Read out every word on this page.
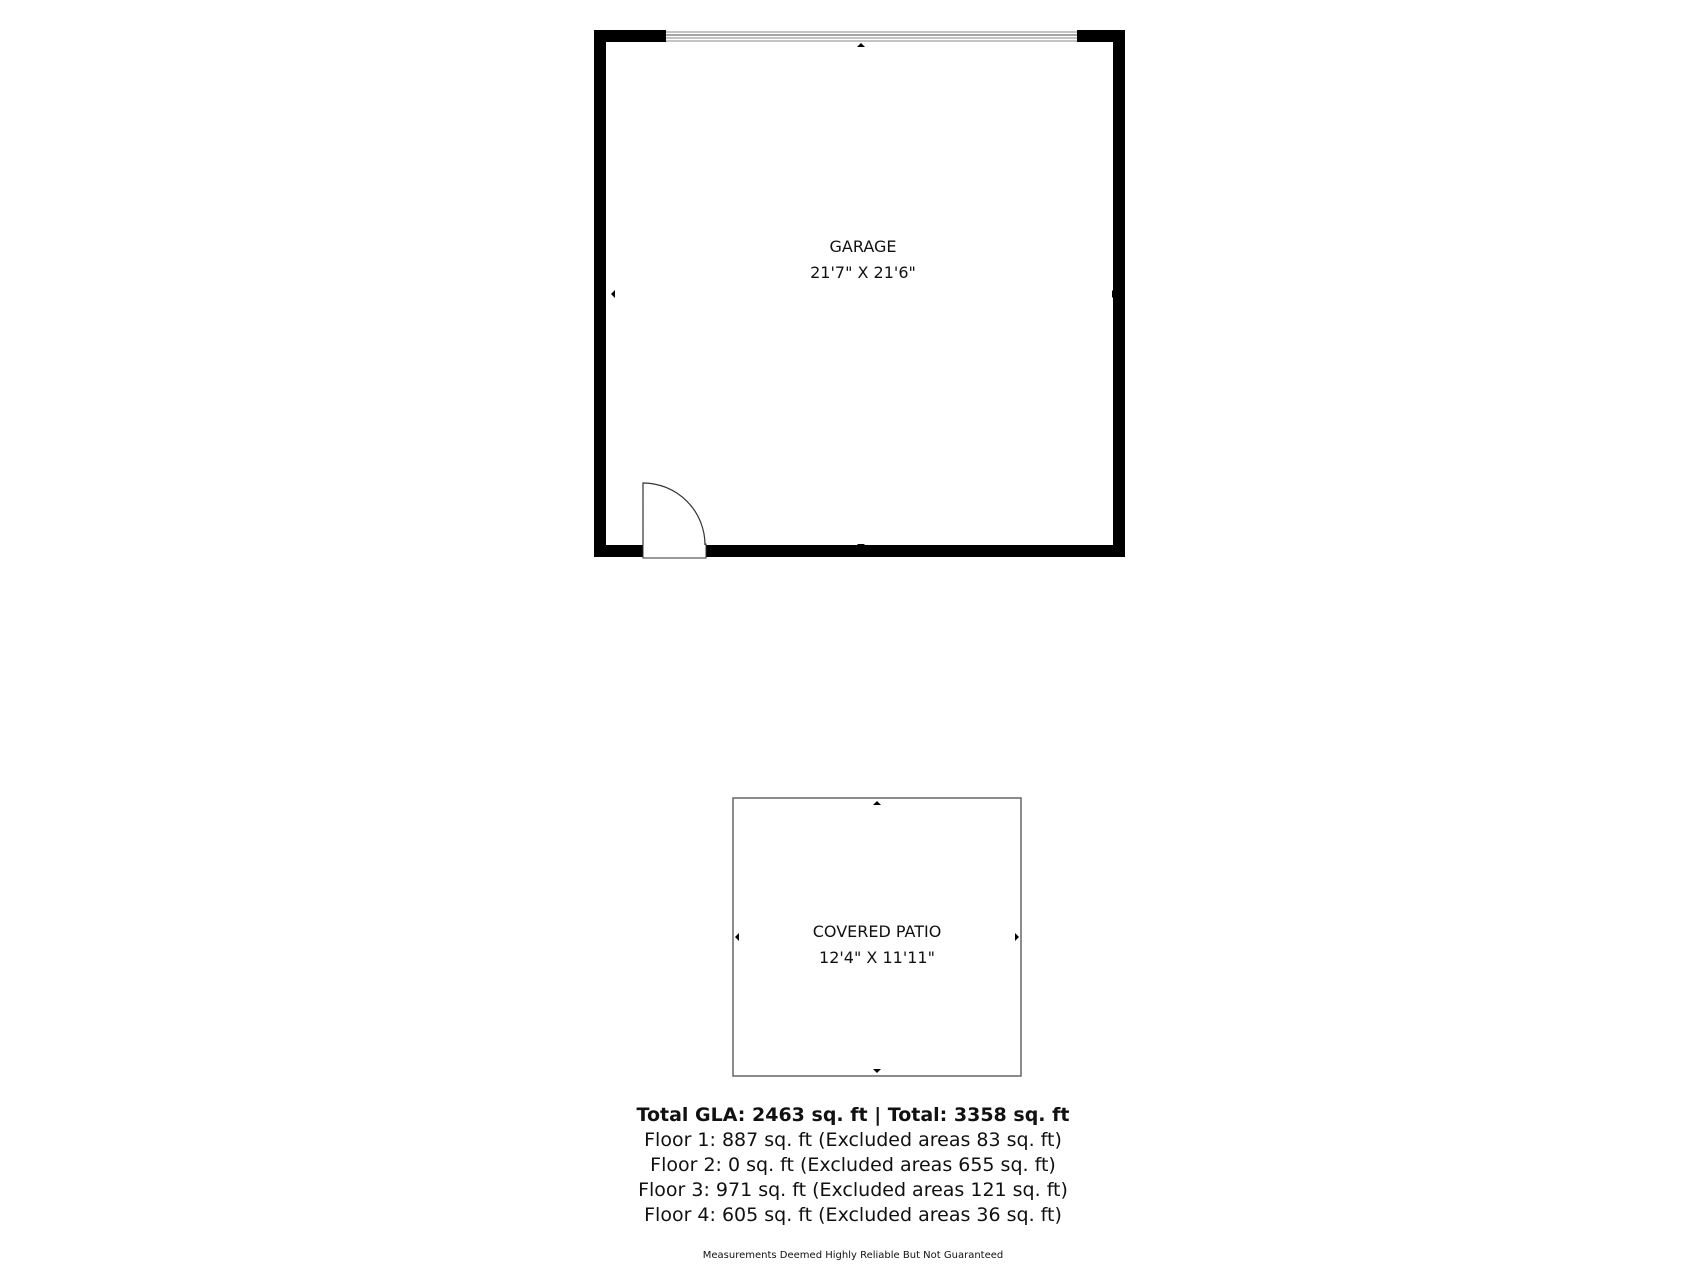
GARAGE
21'7" X 21'6"
COVERED PATIO
12'4" X 11'11"
Total GLA: 2463 sq. ft | Total: 3358 sq. ft
Floor 1: 887 sq. ft (Excluded areas 83 sq. ft)
Floor 2: 0 sq. ft (Excluded areas 655 sq. ft)
Floor 3: 971 sq. ft (Excluded areas 121 sq. ft)
Floor 4: 605 sq. ft (Excluded areas 36 sq. ft)
Measurements Deemed Highly Reliable But Not Guaranteed
